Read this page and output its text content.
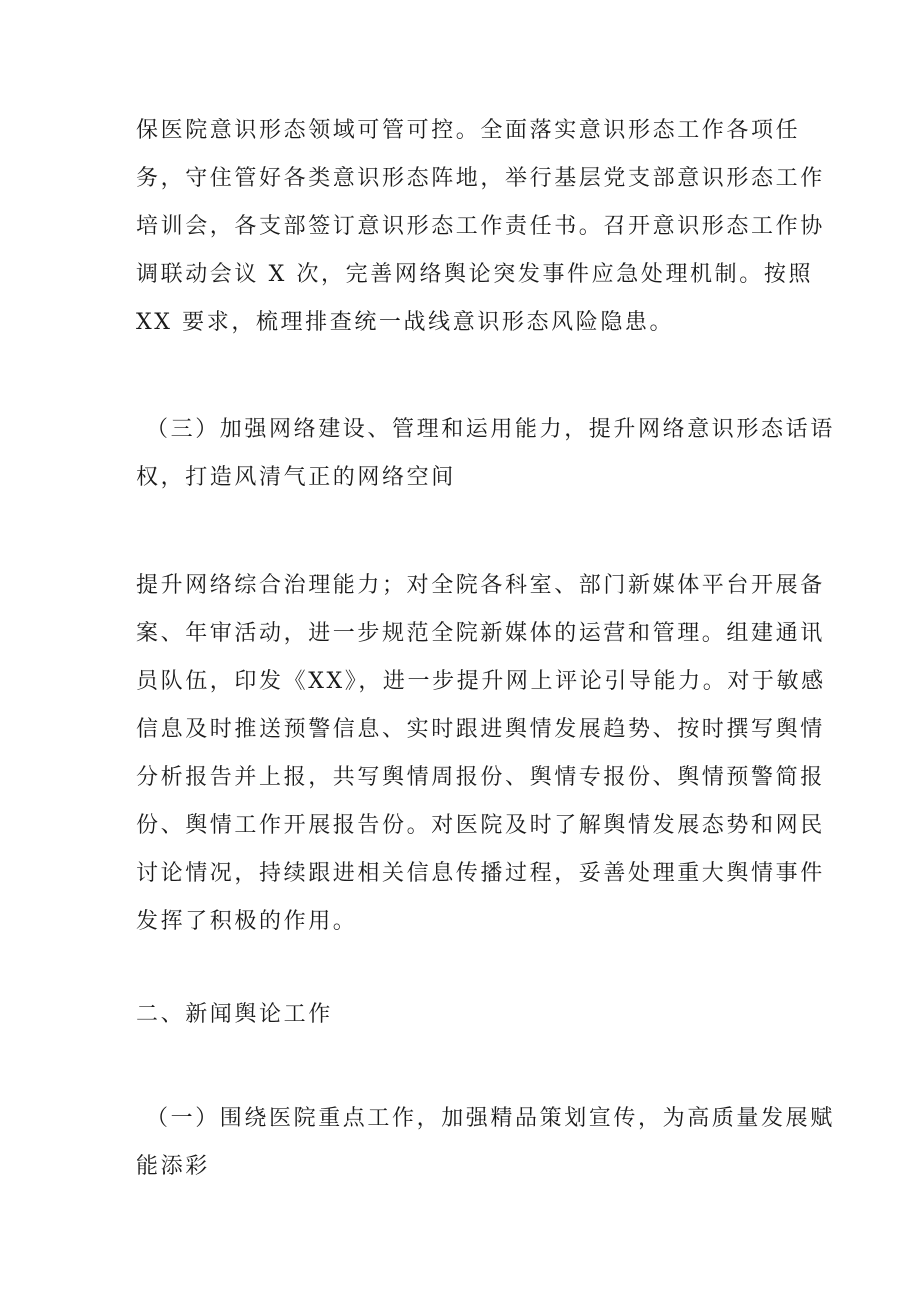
保医院意识形态领域可管可控。全面落实意识形态工作各项任
务，守住管好各类意识形态阵地，举行基层党支部意识形态工作
培训会，各支部签订意识形态工作责任书。召开意识形态工作协
调联动会议 X 次，完善网络舆论突发事件应急处理机制。按照
XX 要求，梳理排查统一战线意识形态风险隐患。
（三）加强网络建设、管理和运用能力，提升网络意识形态话语
权，打造风清气正的网络空间
提升网络综合治理能力；对全院各科室、部门新媒体平台开展备
案、年审活动，进一步规范全院新媒体的运营和管理。组建通讯
员队伍，印发《XX》，进一步提升网上评论引导能力。对于敏感
信息及时推送预警信息、实时跟进舆情发展趋势、按时撰写舆情
分析报告并上报，共写舆情周报份、舆情专报份、舆情预警简报
份、舆情工作开展报告份。对医院及时了解舆情发展态势和网民
讨论情况，持续跟进相关信息传播过程，妥善处理重大舆情事件
发挥了积极的作用。
二、新闻舆论工作
（一）围绕医院重点工作，加强精品策划宣传，为高质量发展赋
能添彩
